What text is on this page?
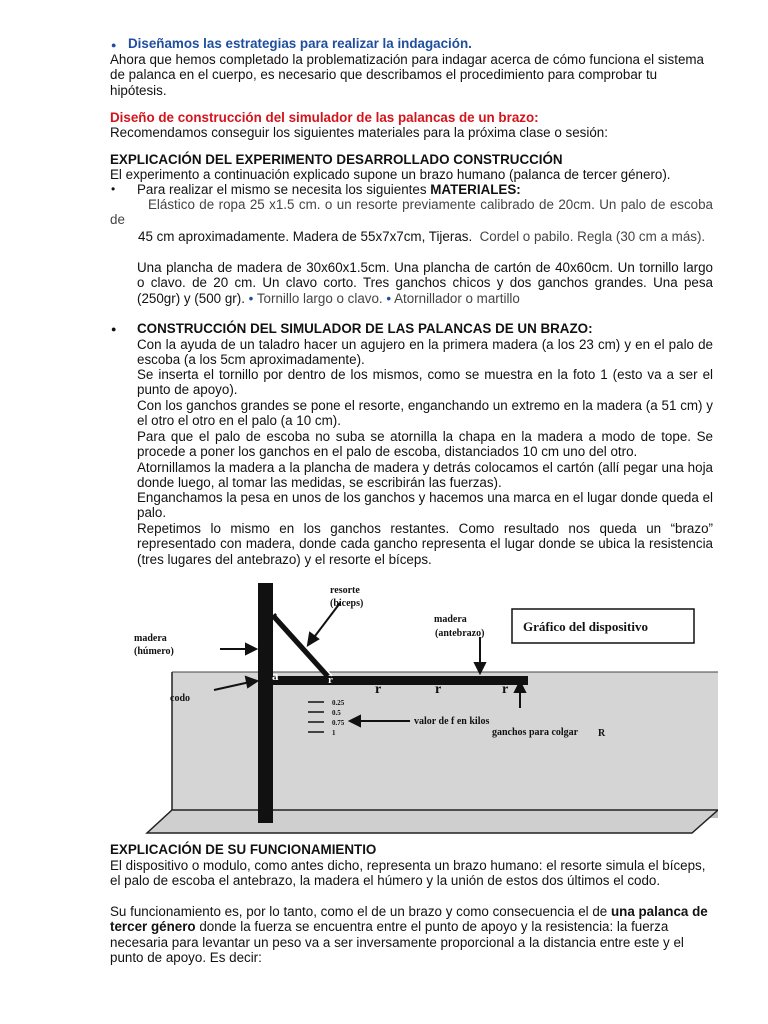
● Diseñamos las estrategias para realizar la indagación.
Ahora que hemos completado la problematización para indagar acerca de cómo funciona el sistema de palanca en el cuerpo, es necesario que describamos el procedimiento para comprobar tu hipótesis.
Diseño de construcción del simulador de las palancas de un brazo:
Recomendamos conseguir los siguientes materiales para la próxima clase o sesión:
EXPLICACIÓN DEL EXPERIMENTO DESARROLLADO CONSTRUCCIÓN
El experimento a continuación explicado supone un brazo humano (palanca de tercer género).
• Para realizar el mismo se necesita los siguientes MATERIALES:
Elástico de ropa 25 x1.5 cm. o un resorte previamente calibrado de 20cm. Un palo de escoba de
45 cm aproximadamente. Madera de 55x7x7cm, Tijeras. Cordel o pabilo. Regla (30 cm a más).
Una plancha de madera de 30x60x1.5cm. Una plancha de cartón de 40x60cm. Un tornillo largo o clavo. de 20 cm. Un clavo corto. Tres ganchos chicos y dos ganchos grandes. Una pesa (250gr) y (500 gr). • Tornillo largo o clavo. • Atornillador o martillo
● CONSTRUCCIÓN DEL SIMULADOR DE LAS PALANCAS DE UN BRAZO:
Con la ayuda de un taladro hacer un agujero en la primera madera (a los 23 cm) y en el palo de escoba (a los 5cm aproximadamente).
Se inserta el tornillo por dentro de los mismos, como se muestra en la foto 1 (esto va a ser el punto de apoyo).
Con los ganchos grandes se pone el resorte, enganchando un extremo en la madera (a 51 cm) y el otro el otro en el palo (a 10 cm).
Para que el palo de escoba no suba se atornilla la chapa en la madera a modo de tope. Se procede a poner los ganchos en el palo de escoba, distanciados 10 cm uno del otro.
Atornillamos la madera a la plancha de madera y detrás colocamos el cartón (allí pegar una hoja donde luego, al tomar las medidas, se escribirán las fuerzas).
Enganchamos la pesa en unos de los ganchos y hacemos una marca en el lugar donde queda el palo.
Repetimos lo mismo en los ganchos restantes. Como resultado nos queda un “brazo” representado con madera, donde cada gancho representa el lugar donde se ubica la resistencia (tres lugares del antebrazo) y el resorte el bíceps.
r
r	r	r
a
0.25
0.5
0.75
1
resorte
(biceps)
madera
(húmero)
madera
(antebrazo)
codo
valor de f en kilos
ganchos para colgar R
Gráfico del dispositivo
EXPLICACIÓN DE SU FUNCIONAMIENTIO
El dispositivo o modulo, como antes dicho, representa un brazo humano: el resorte simula el bíceps, el palo de escoba el antebrazo, la madera el húmero y la unión de estos dos últimos el codo.
Su funcionamiento es, por lo tanto, como el de un brazo y como consecuencia el de una palanca de tercer género donde la fuerza se encuentra entre el punto de apoyo y la resistencia: la fuerza necesaria para levantar un peso va a ser inversamente proporcional a la distancia entre este y el punto de apoyo. Es decir:
